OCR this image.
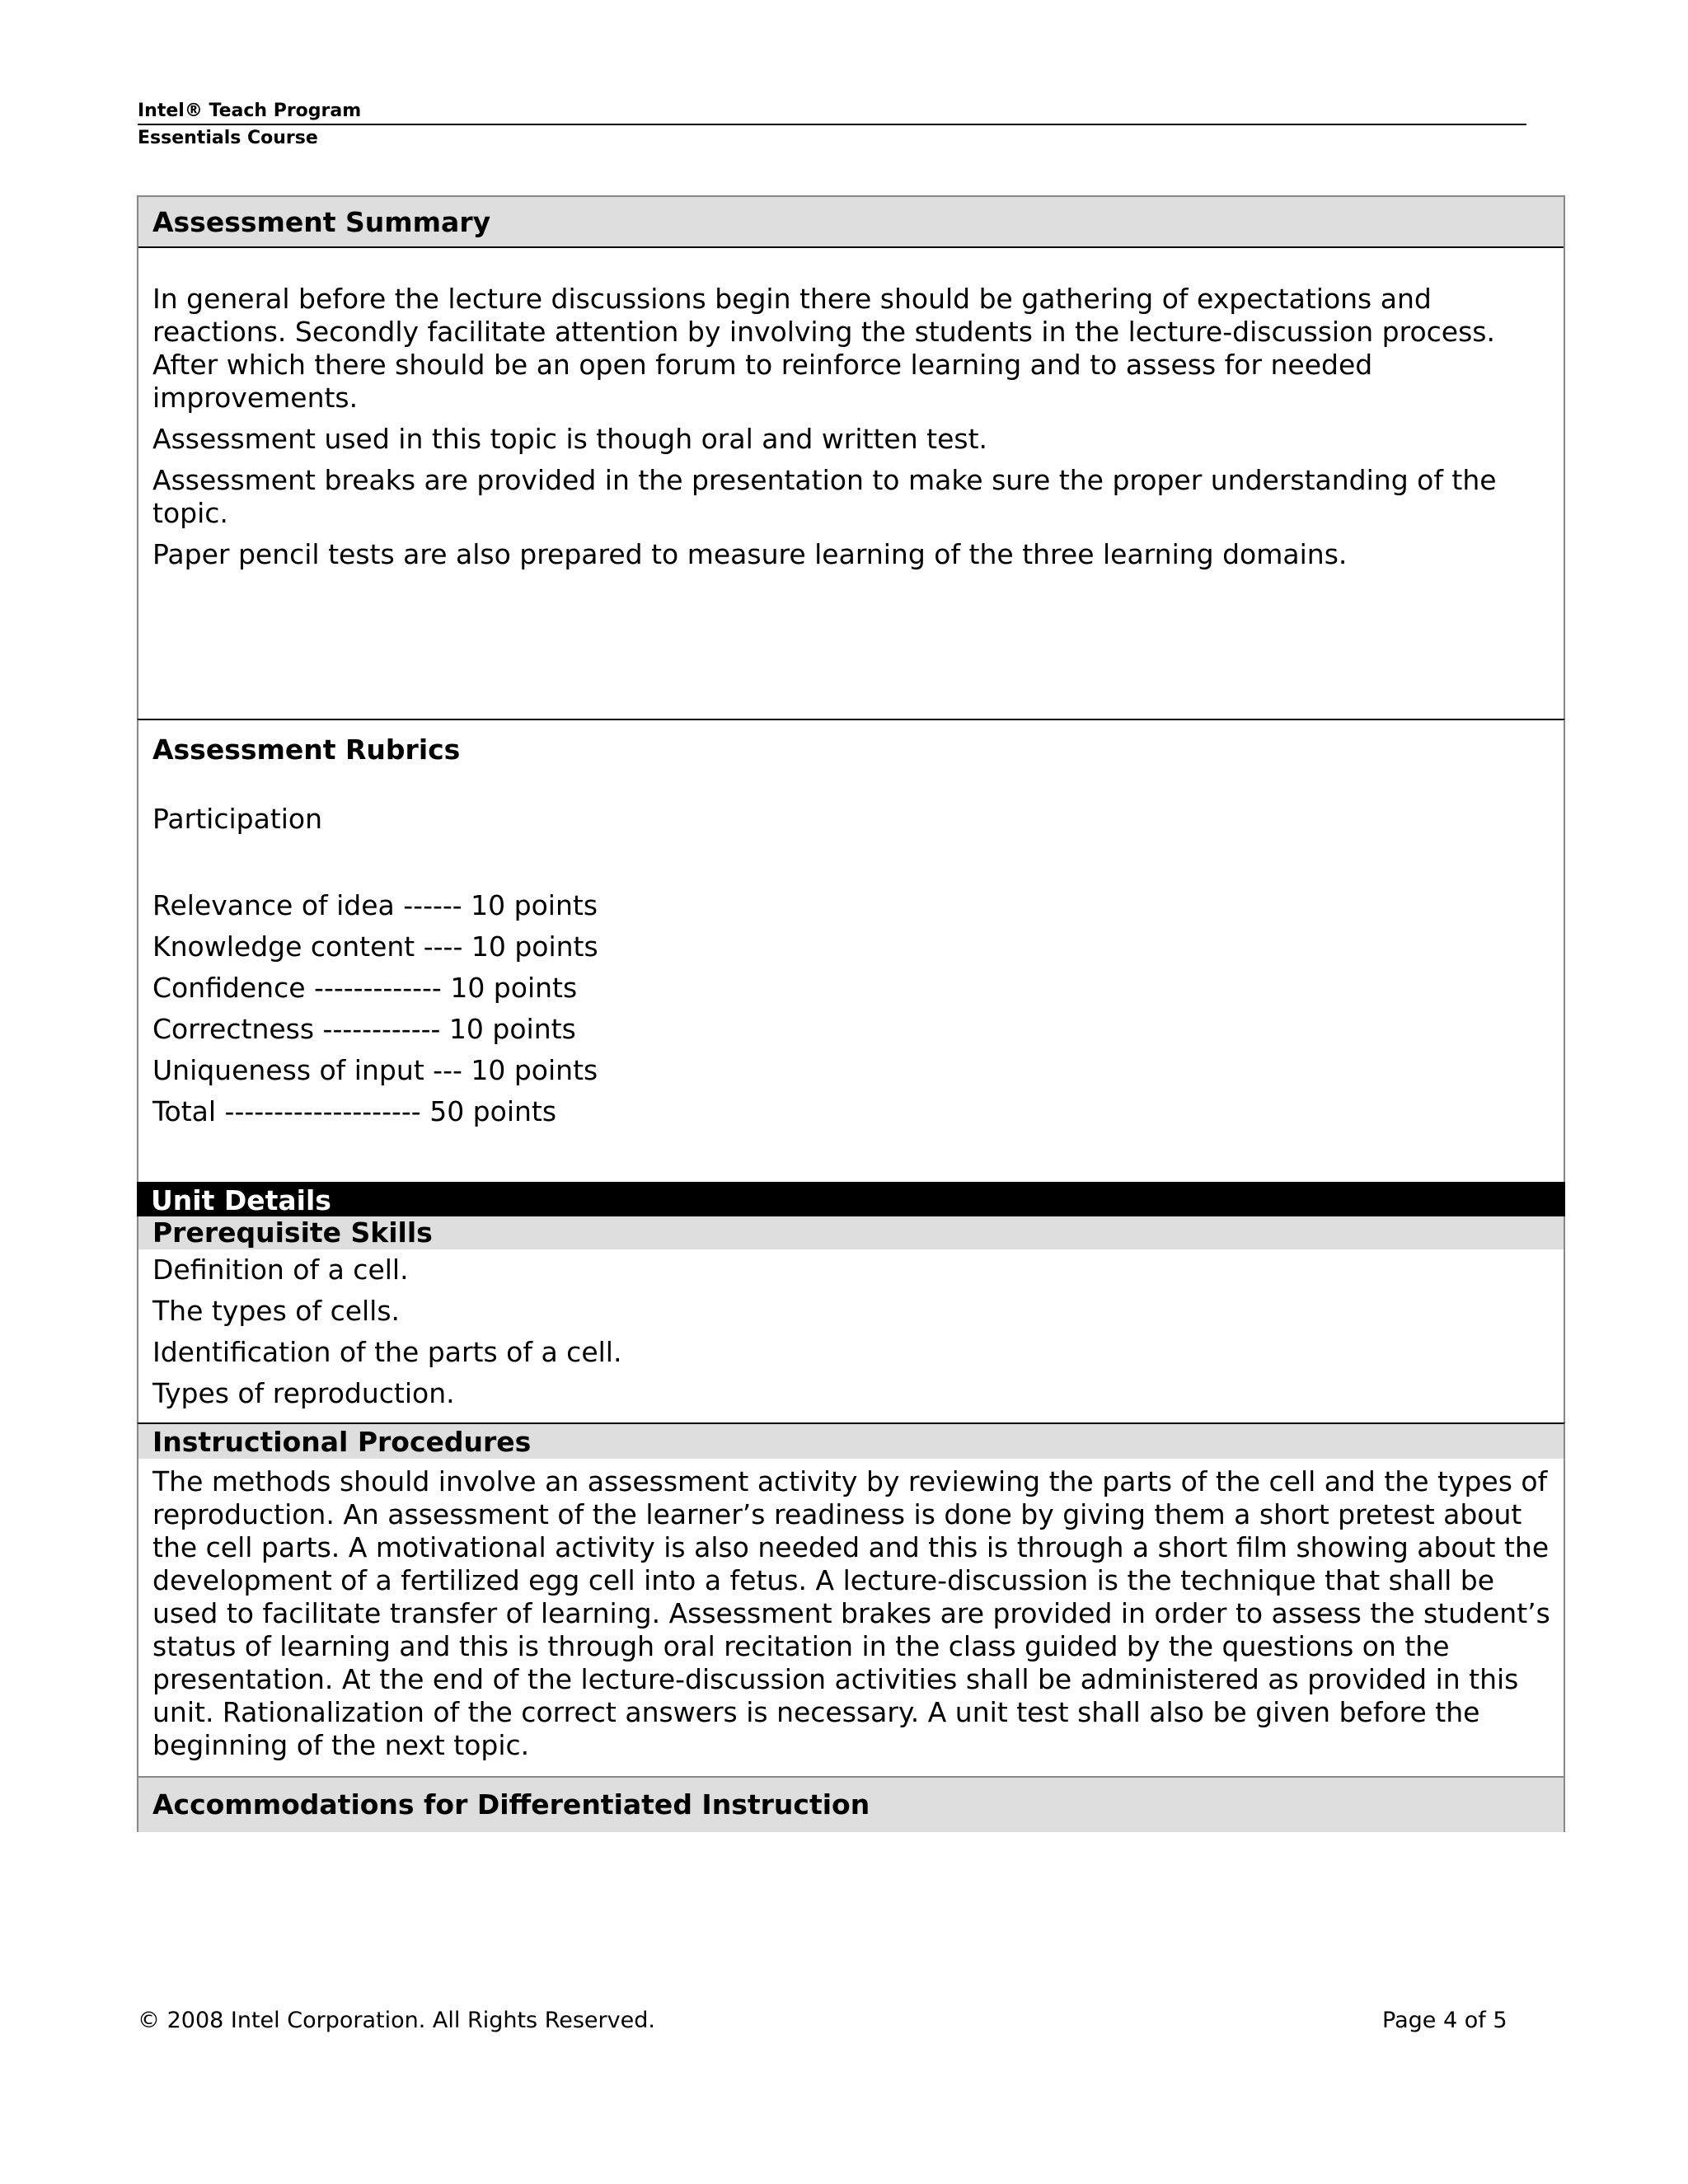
Intel® Teach Program
Essentials Course
Assessment Summary

In general before the lecture discussions begin there should be gathering of expectations and reactions. Secondly facilitate attention by involving the students in the lecture-discussion process. After which there should be an open forum to reinforce learning and to assess for needed improvements.

Assessment used in this topic is though oral and written test.

Assessment breaks are provided in the presentation to make sure the proper understanding of the topic.

Paper pencil tests are also prepared to measure learning of the three learning domains.

Assessment Rubrics
Participation
Relevance of idea ------ 10 points
Knowledge content ---- 10 points
Confidence ------------- 10 points
Correctness ------------ 10 points
Uniqueness of input --- 10 points
Total -------------------- 50 points
Unit Details
Prerequisite Skills
Definition of a cell.
The types of cells.
Identification of the parts of a cell.
Types of reproduction.
Instructional Procedures
The methods should involve an assessment activity by reviewing the parts of the cell and the types of reproduction. An assessment of the learner’s readiness is done by giving them a short pretest about the cell parts. A motivational activity is also needed and this is through a short film showing about the development of a fertilized egg cell into a fetus. A lecture-discussion is the technique that shall be used to facilitate transfer of learning. Assessment brakes are provided in order to assess the student’s status of learning and this is through oral recitation in the class guided by the questions on the presentation. At the end of the lecture-discussion activities shall be administered as provided in this unit. Rationalization of the correct answers is necessary. A unit test shall also be given before the beginning of the next topic.
Accommodations for Differentiated Instruction
© 2008 Intel Corporation. All Rights Reserved.	Page 4 of 5
